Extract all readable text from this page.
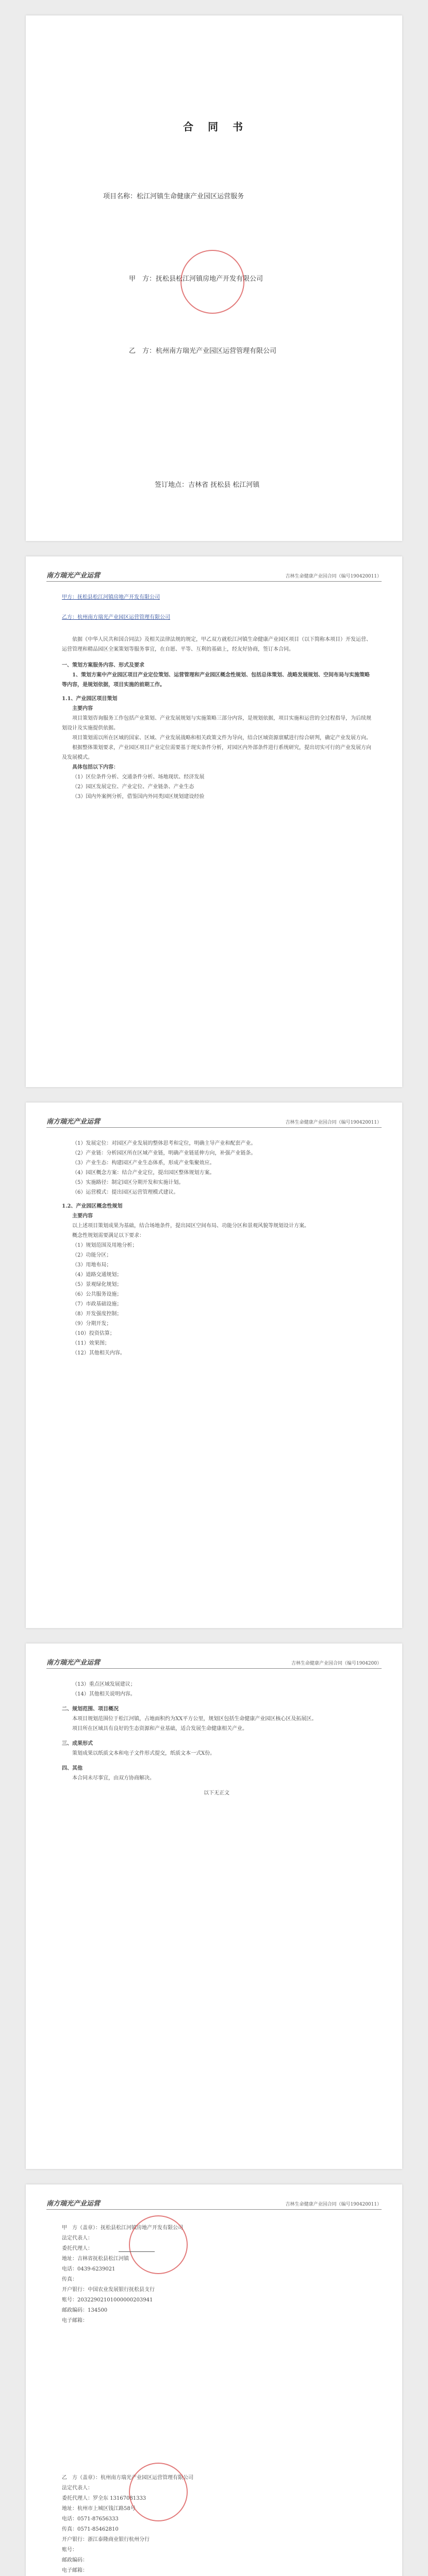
合　同　书
项目名称：松江河镇生命健康产业园区运营服务
甲　方：抚松县松江河镇房地产开发有限公司
乙　方：杭州南方瑞光产业园区运营管理有限公司
签订地点：吉林省 抚松县 松江河镇
南方瑞光产业运营	吉林生命健康产业园合同（编号190420011）

甲方：抚松县松江河镇房地产开发有限公司

乙方：杭州南方瑞光产业园区运营管理有限公司

依据《中华人民共和国合同法》及相关法律法规的规定，甲乙双方就松江河镇生命健康产业园区项目（以下简称本项目）开发运营、运营管理和精品园区全案策划等服务事宜，在自愿、平等、互利的基础上，经友好协商，签订本合同。

一、策划方案服务内容、形式及要求

1、策划方案中产业园区项目产业定位策划、运营管理和产业园区概念性规划、包括总体策划、战略发展规划、空间布局与实施策略等内容，是规划依据，项目实施的前期工作。

1.1、产业园区项目策划

主要内容

项目策划咨询服务工作包括产业策划、产业发展规划与实施策略三部分内容，是规划依据，项目实施和运营的全过程指导，为后续规划设计及实施提供依据。

项目策划需以所在区域的国家、区域、产业发展战略和相关政策文件为导向，结合区域资源禀赋进行综合研判，确定产业发展方向。

根据整体策划要求，产业园区项目产业定位需要基于现实条件分析，对园区内外部条件进行系统研究，提出切实可行的产业发展方向及发展模式。

具体包括以下内容：

（1）区位条件分析、交通条件分析、场地现状、经济发展

（2）园区发展定位、产业定位、产业链条、产业生态

（3）国内外案例分析，借鉴国内外同类园区规划建设经验

南方瑞光产业运营	吉林生命健康产业园合同（编号190420011）

（1）发展定位：对园区产业发展的整体思考和定位，明确主导产业和配套产业。

（2）产业链：分析园区所在区域产业链，明确产业链延伸方向，补强产业链条。

（3）产业生态：构建园区产业生态体系，形成产业集聚效应。

（4）园区概念方案：结合产业定位，提出园区整体规划方案。

（5）实施路径：制定园区分期开发和实施计划。

（6）运营模式：提出园区运营管理模式建议。

1.2、产业园区概念性规划

主要内容

以上述项目策划成果为基础，结合场地条件，提出园区空间布局、功能分区和景观风貌等规划设计方案。

概念性规划需要满足以下要求：

（1）规划范围及用地分析；

（2）功能分区；

（3）用地布局；

（4）道路交通规划；

（5）景观绿化规划；

（6）公共服务设施；

（7）市政基础设施；

（8）开发强度控制；

（9）分期开发；

（10）投资估算；

（11）效果图；

（12）其他相关内容。

南方瑞光产业运营	吉林生命健康产业园合同（编号1904200）

（13）重点区域发展建议；

（14）其他相关说明内容。

二、规划范围、项目概况

本项目规划范围位于松江河镇，占地面积约为XX平方公里，规划区包括生命健康产业园区核心区及拓展区。

项目所在区域具有良好的生态资源和产业基础，适合发展生命健康相关产业。

三、成果形式

策划成果以纸质文本和电子文件形式提交，纸质文本一式X份。

四、其他

本合同未尽事宜，由双方协商解决。

以下无正文

南方瑞光产业运营	吉林生命健康产业园合同（编号190420011）

甲　方（盖章）：抚松县松江河镇房地产开发有限公司

法定代表人：

委托代理人：

地址：吉林省抚松县松江河镇

电话：0439-6239021

传真：

开户银行：中国农业发展银行抚松县支行

账号：20322902101000000203941

邮政编码：134500

电子邮箱：

乙　方（盖章）：杭州南方瑞光产业园区运营管理有限公司

法定代表人：

委托代理人：罗全东 13167081333

地址：杭州市上城区钱江路58号

电话：0571-87656333

传真：0571-85462810

开户银行：浙江泰隆商业银行杭州分行

账号：

邮政编码：

电子邮箱：
